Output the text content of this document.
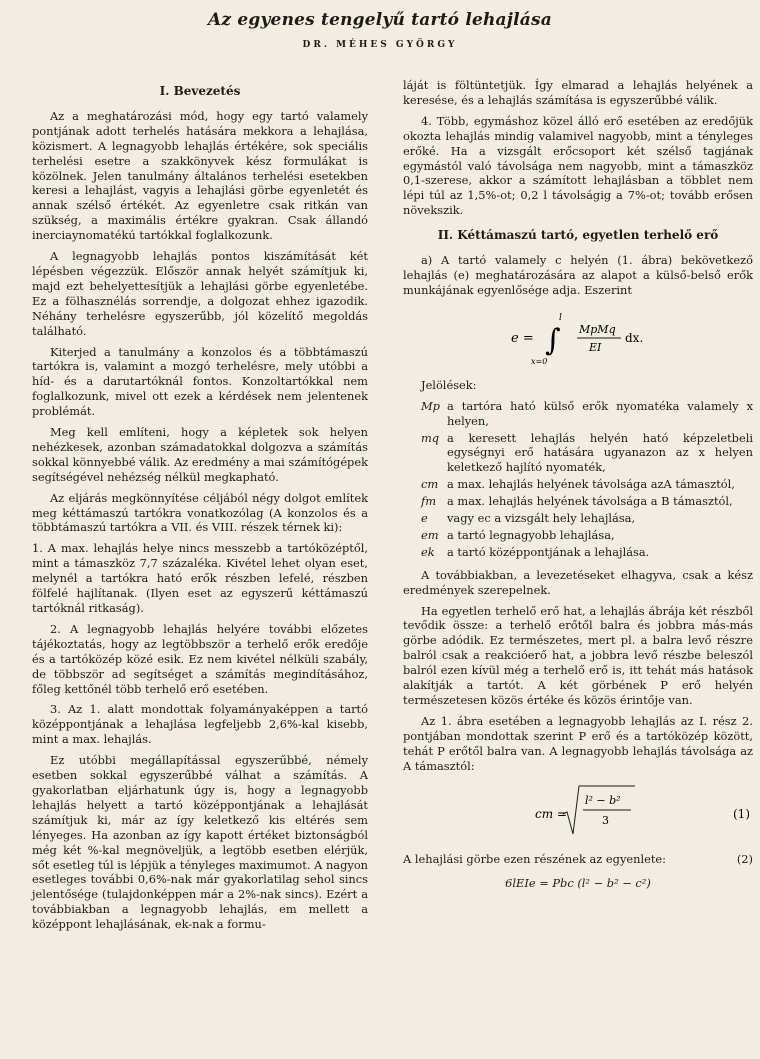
Az egyenes tengelyű tartó lehajlása
DR. MÉHES GYÖRGY
I. Bevezetés

Az a meghatározási mód, hogy egy tartó valamely pontjának adott terhelés hatására mekkora a lehajlása, közismert. A legnagyobb lehajlás értékére, sok speciális terhelési esetre a szakkönyvek kész formulákat is közölnek. Jelen tanulmány általános terhelési esetekben keresi a lehajlást, vagyis a lehajlási görbe egyenletét és annak szélső értékét. Az egyenletre csak ritkán van szükség, a maximális értékre gyakran. Csak állandó inerciaynomatékú tartókkal foglalkozunk.

A legnagyobb lehajlás pontos kiszámítását két lépésben végezzük. Először annak helyét számítjuk ki, majd ezt behelyettesítjük a lehajlási görbe egyenletébe. Ez a fölhasznélás sorrendje, a dolgozat ehhez igazodik. Néhány terhelésre egyszerűbb, jól közelítő megoldás található.

Kiterjed a tanulmány a konzolos és a többtámaszú tartókra is, valamint a mozgó terhelésre, mely utóbbi a híd- és a darutartóknál fontos. Konzoltartókkal nem foglalkozunk, mivel ott ezek a kérdések nem jelentenek problémát.

Meg kell említeni, hogy a képletek sok helyen nehézkesek, azonban számadatokkal dolgozva a számítás sokkal könnyebbé válik. Az eredmény a mai számítógépek segítségével nehézség nélkül megkapható.

Az eljárás megkönnyítése céljából négy dolgot említek meg kéttámaszú tartókra vonatkozólag (A konzolos és a többtámaszú tartókra a VII. és VIII. részek térnek ki):

1. A max. lehajlás helye nincs messzebb a tartóközéptől, mint a támaszköz 7,7 százaléka. Kivétel lehet olyan eset, melynél a tartókra ható erők részben lefelé, részben fölfelé hajlítanak. (Ilyen eset az egyszerű kéttámaszú tartóknál ritkaság).

2. A legnagyobb lehajlás helyére további előzetes tájékoztatás, hogy az legtöbbször a terhelő erők eredője és a tartóközép közé esik. Ez nem kivétel nélküli szabály, de többször ad segítséget a számítás megindításához, főleg kettőnél több terhelő erő esetében.

3. Az 1. alatt mondottak folyamányaképpen a tartó középpontjának a lehajlása legfeljebb 2,6%-kal kisebb, mint a max. lehajlás.

Ez utóbbi megállapítással egyszerűbbé, némely esetben sokkal egyszerűbbé válhat a számítás. A gyakorlatban eljárhatunk úgy is, hogy a legnagyobb lehajlás helyett a tartó középpontjának a lehajlását számítjuk ki, már az így keletkező kis eltérés sem lényeges. Ha azonban az így kapott értéket biztonságból még két %-kal megnöveljük, a legtöbb esetben elérjük, sőt esetleg túl is lépjük a tényleges maximumot. A nagyon esetleges további 0,6%-nak már gyakorlatilag sehol sincs jelentősége (tulajdonképpen már a 2%-nak sincs). Ezért a továbbiakban a legnagyobb lehajlás, em mellett a középpont lehajlásának, ek-nak a formu-

láját is föltüntetjük. Így elmarad a lehajlás helyének a keresése, és a lehajlás számítása is egyszerűbbé válik.

4. Több, egymáshoz közel álló erő esetében az eredőjük okozta lehajlás mindig valamivel nagyobb, mint a tényleges erőké. Ha a vizsgált erőcsoport két szélső tagjának egymástól való távolsága nem nagyobb, mint a támaszköz 0,1-szerese, akkor a számított lehajlásban a többlet nem lépi túl az 1,5%-ot; 0,2 l távolságig a 7%-ot; tovább erősen növekszik.

II. Kéttámaszú tartó, egyetlen terhelő erő

a) A tartó valamely c helyén (1. ábra) bekövetkező lehajlás (e) meghatározására az alapot a külső-belső erők munkájának egyenlősége adja. Eszerint

e = ∫
l
x=0
MpMq
EI
dx.

Jelölések:

Mp a tartóra ható külső erők nyomatéka valamely x helyen,
mq a keresett lehajlás helyén ható képzeletbeli egységnyi erő hatására ugyanazon az x helyen keletkező hajlító nyomaték,
cm a max. lehajlás helyének távolsága azA támasztól,
fm a max. lehajlás helyének távolsága a B támasztól,
e	vagy ec a vizsgált hely lehajlása,
em a tartó legnagyobb lehajlása,
ek	a tartó középpontjának a lehajlása.

A továbbiakban, a levezetéseket elhagyva, csak a kész eredmények szerepelnek.

Ha egyetlen terhelő erő hat, a lehajlás ábrája két részből tevődik össze: a terhelő erőtől balra és jobbra más-más görbe adódik. Ez természetes, mert pl. a balra levő részre balról csak a reakcióerő hat, a jobbra levő részbe beleszól balról ezen kívül még a terhelő erő is, itt tehát más hatások alakítják a tartót. A két görbének P erő helyén természetesen közös értéke és közös érintője van.

Az 1. ábra esetében a legnagyobb lehajlás az I. rész 2. pontjában mondottak szerint P erő és a tartóközép között, tehát P erőtől balra van. A legnagyobb lehajlás távolsága az A támasztól:

cm =
l² − b²
3	(1)
A lehajlási görbe ezen részének az egyenlete:	(2)
6lEIe = Pbc (l² − b² − c²)
